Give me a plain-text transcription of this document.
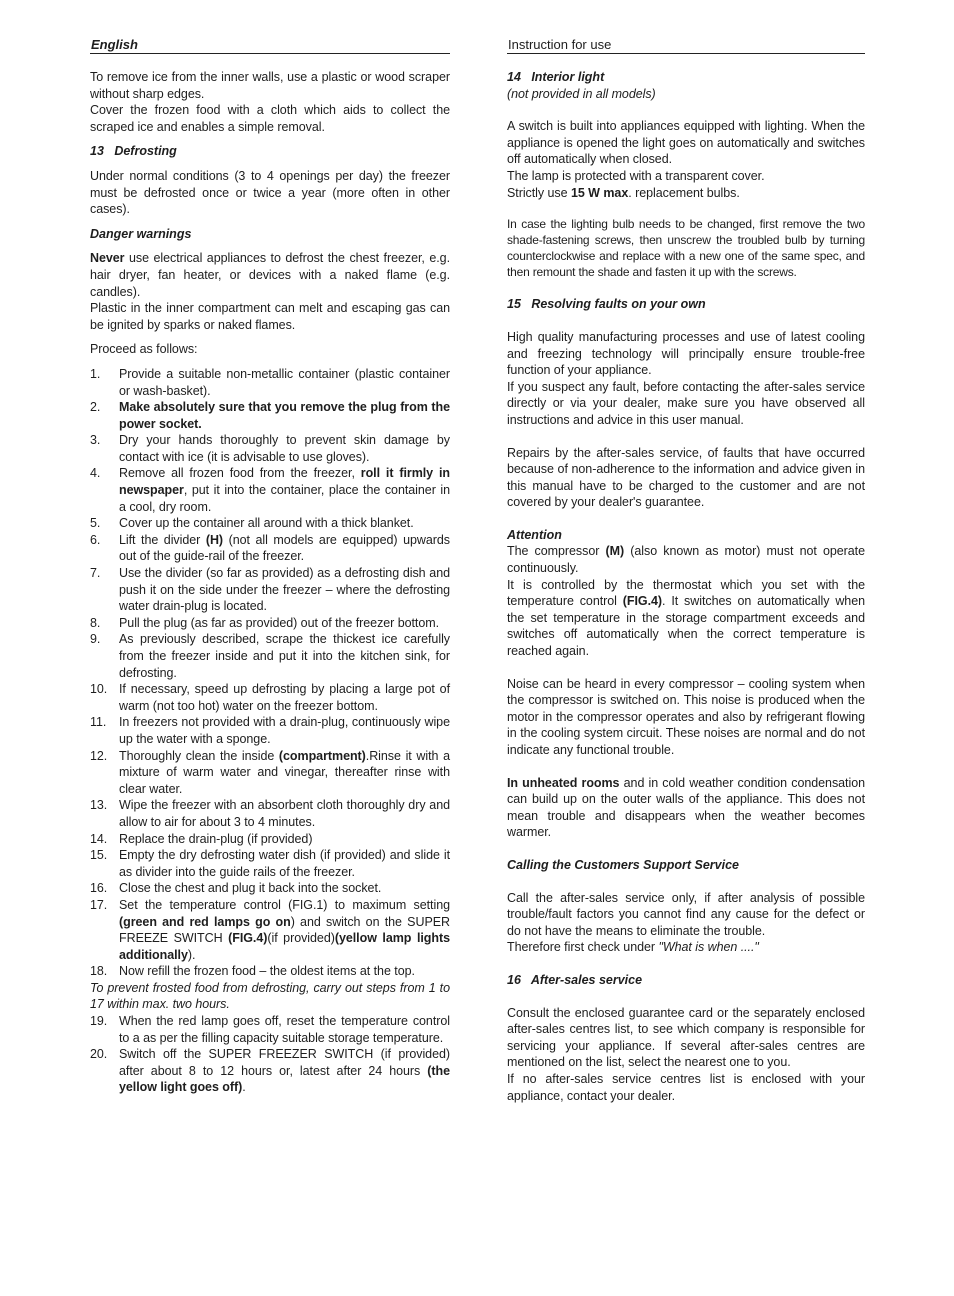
English

To remove ice from the inner walls, use a plastic or wood scraper without sharp edges.

Cover the frozen food with a cloth which aids to collect the scraped ice and enables a simple removal.

13   Defrosting

Under normal conditions (3 to 4 openings per day) the freezer must be defrosted once or twice a year (more often in other cases).

Danger warnings

Never use electrical appliances to defrost the chest freezer, e.g. hair dryer, fan heater, or devices with a naked flame (e.g. candles).

Plastic in the inner compartment can melt and escaping gas can be ignited by sparks or naked flames.

Proceed as follows:

1. Provide a suitable non-metallic container (plastic container or wash-basket).
2. Make absolutely sure that you remove the plug from the power socket.
3. Dry your hands thoroughly to prevent skin damage by contact with ice (it is advisable to use gloves).
4. Remove all frozen food from the freezer, roll it firmly in newspaper, put it into the container, place the container in a cool, dry room.
5. Cover up the container all around with a thick blanket.
6. Lift the divider (H) (not all models are equipped) upwards out of the guide-rail of the freezer.
7. Use the divider (so far as provided) as a defrosting dish and push it on the side under the freezer – where the defrosting water drain-plug is located.
8. Pull the plug (as far as provided) out of the freezer bottom.
9. As previously described, scrape the thickest ice carefully from the freezer inside and put it into the kitchen sink, for defrosting.
10. If necessary, speed up defrosting by placing a large pot of warm (not too hot) water on the freezer bottom.
11. In freezers not provided with a drain-plug, continuously wipe up the water with a sponge.
12. Thoroughly clean the inside (compartment).Rinse it with a mixture of warm water and vinegar, thereafter rinse with clear water.
13. Wipe the freezer with an absorbent cloth thoroughly dry and allow to air for about 3 to 4 minutes.
14. Replace the drain-plug (if provided)
15. Empty the dry defrosting water dish (if provided) and slide it as divider into the guide rails of the freezer.
16. Close the chest and plug it back into the socket.
17. Set the temperature control (FIG.1) to maximum setting (green and red lamps go on) and switch on the SUPER FREEZE SWITCH (FIG.4)(if provided)(yellow lamp lights additionally).
18. Now refill the frozen food – the oldest items at the top.

To prevent frosted food from defrosting, carry out steps from 1 to 17 within max. two hours.

19. When the red lamp goes off, reset the temperature control to a as per the filling capacity suitable storage temperature.
20. Switch off the SUPER FREEZER SWITCH (if provided) after about 8 to 12 hours or, latest after 24 hours (the yellow light goes off).
Instruction for use
14   Interior light

(not provided in all models)

A switch is built into appliances equipped with lighting. When the appliance is opened the light goes on automatically and switches off automatically when closed.

The lamp is protected with a transparent cover.

Strictly use 15 W max. replacement bulbs.

In case the lighting bulb needs to be changed, first remove the two shade-fastening screws, then unscrew the troubled bulb by turning counterclockwise and replace with a new one of the same spec, and then remount the shade and fasten it up with the screws.

15   Resolving faults on your own

High quality manufacturing processes and use of latest cooling and freezing technology will principally ensure trouble-free function of your appliance.

If you suspect any fault, before contacting the after-sales service directly or via your dealer, make sure you have observed all instructions and advice in this user manual.

Repairs by the after-sales service, of faults that have occurred because of non-adherence to the information and advice given in this manual have to be charged to the customer and are not covered by your dealer's guarantee.

Attention

The compressor (M) (also known as motor) must not operate continuously.

It is controlled by the thermostat which you set with the temperature control (FIG.4). It switches on automatically when the set temperature in the storage compartment exceeds and switches off automatically when the correct temperature is reached again.

Noise can be heard in every compressor – cooling system when the compressor is switched on. This noise is produced when the motor in the compressor operates and also by refrigerant flowing in the cooling system circuit. These noises are normal and do not indicate any functional trouble.

In unheated rooms and in cold weather condition condensation can build up on the outer walls of the appliance. This does not mean trouble and disappears when the weather becomes warmer.

Calling the Customers Support Service

Call the after-sales service only, if after analysis of possible trouble/fault factors you cannot find any cause for the defect or do not have the means to eliminate the trouble.

Therefore first check under "What is when ...."

16   After-sales service

Consult the enclosed guarantee card or the separately enclosed after-sales centres list, to see which company is responsible for servicing your appliance. If several after-sales centres are mentioned on the list, select the nearest one to you.

If no after-sales service centres list is enclosed with your appliance, contact your dealer.
